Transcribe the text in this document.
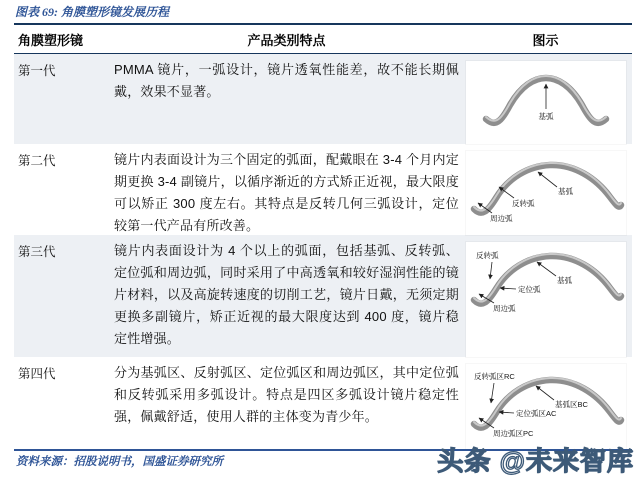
图表 69: 角膜塑形镜发展历程
角膜塑形镜	产品类别特点	图示
第一代	PMMA 镜片，一弧设计，镜片透氧性能差，故不能长期佩戴，效果不显著。
基弧
第二代	镜片内表面设计为三个固定的弧面，配戴眼在 3-4 个月内定期更换 3-4 副镜片，以循序渐近的方式矫正近视，最大限度可以矫正 300 度左右。其特点是反转几何三弧设计，定位较第一代产品有所改善。
基弧
反转弧
周边弧
第三代	镜片内表面设计为 4 个以上的弧面，包括基弧、反转弧、定位弧和周边弧，同时采用了中高透氧和较好湿润性能的镜片材料，以及高旋转速度的切削工艺，镜片日戴，无须定期更换多副镜片，矫正近视的最大限度达到 400 度，镜片稳定性增强。
反转弧
基弧
定位弧
周边弧
第四代	分为基弧区、反射弧区、定位弧区和周边弧区，其中定位弧和反转弧采用多弧设计。特点是四区多弧设计镜片稳定性强，佩戴舒适，使用人群的主体变为青少年。
反转弧区RC
基弧区BC
定位弧区AC
周边弧区PC
资料来源：招股说明书，国盛证券研究所	头条 @未来智库
